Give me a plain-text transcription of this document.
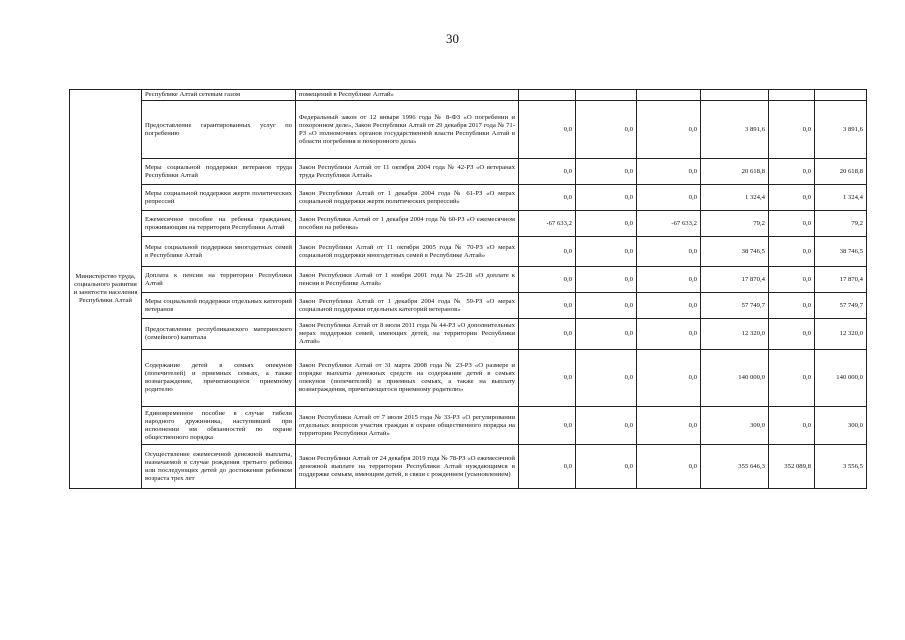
30
Министерство труда, социального развития и занятости населения Республики Алтай	Республике Алтай сетевым газом	помещений в Республике Алтай»						
	Предоставление гарантированных услуг по погребению	Федеральный закон от 12 января 1996 года № 8-ФЗ «О погребении и похоронном деле», Закон Республики Алтай от 29 декабря 2017 года № 71-РЗ «О полномочиях органов государственной власти Республики Алтай в области погребения и похоронного дела»	0,0	0,0	0,0	3 891,6	0,0	3 891,6
	Меры социальной поддержки ветеранов труда Республики Алтай	Закон Республики Алтай от 11 октября 2004 года № 42-РЗ «О ветеранах труда Республики Алтай»	0,0	0,0	0,0	20 618,8	0,0	20 618,8
	Меры социальной поддержки жертв политических репрессий	Закон Республики Алтай от 1 декабря 2004 года № 61-РЗ «О мерах социальной поддержки жертв политических репрессий»	0,0	0,0	0,0	1 324,4	0,0	1 324,4
	Ежемесячное пособие на ребенка гражданам, проживающим на территории Республики Алтай	Закон Республики Алтай от 1 декабря 2004 года № 60-РЗ «О ежемесячном пособии на ребенка»	-67 633,2	0,0	-67 633,2	79,2	0,0	79,2
	Меры социальной поддержки многодетных семей в Республике Алтай	Закон Республики Алтай от 11 октября 2005 года № 70-РЗ «О мерах социальной поддержки многодетных семей в Республике Алтай»	0,0	0,0	0,0	38 746,5	0,0	38 746,5
	Доплата к пенсии на территории Республики Алтай	Закон Республики Алтай от 1 ноября 2001 года № 25-28 «О доплате к пенсии в Республике Алтай»	0,0	0,0	0,0	17 870,4	0,0	17 870,4
	Меры социальной поддержки отдельных категорий ветеранов	Закон Республики Алтай от 1 декабря 2004 года № 59-РЗ «О мерах социальной поддержки отдельных категорий ветеранов»	0,0	0,0	0,0	57 749,7	0,0	57 749,7
	Предоставление республиканского материнского (семейного) капитала	Закон Республики Алтай от 8 июля 2011 года № 44-РЗ «О дополнительных мерах поддержки семей, имеющих детей, на территории Республики Алтай»	0,0	0,0	0,0	12 320,0	0,0	12 320,0
	Содержание детей в семьях опекунов (попечителей) и приемных семьях, а также вознаграждение, причитающееся приемному родителю	Закон Республики Алтай от 31 марта 2008 года № 23-РЗ «О размере и порядке выплаты денежных средств на содержание детей в семьях опекунов (попечителей) и приемных семьях, а также на выплату вознаграждения, причитающегося приемному родителю»	0,0	0,0	0,0	140 000,0	0,0	140 000,0
	Единовременное пособие в случае гибели народного дружинника, наступившей при исполнении им обязанностей по охране общественного порядка	Закон Республики Алтай от 7 июля 2015 года № 33-РЗ «О регулировании отдельных вопросов участия граждан в охране общественного порядка на территории Республики Алтай»	0,0	0,0	0,0	300,0	0,0	300,0
	Осуществление ежемесячной денежной выплаты, назначаемой в случае рождения третьего ребенка или последующих детей до достижения ребенком возраста трех лет	Закон Республики Алтай от 24 декабря 2019 года № 78-РЗ «О ежемесячной денежной выплате на территории Республики Алтай нуждающимся в поддержке семьям, имеющим детей, в связи с рождением (усыновлением)	0,0	0,0	0,0	355 646,3	352 089,8	3 556,5
